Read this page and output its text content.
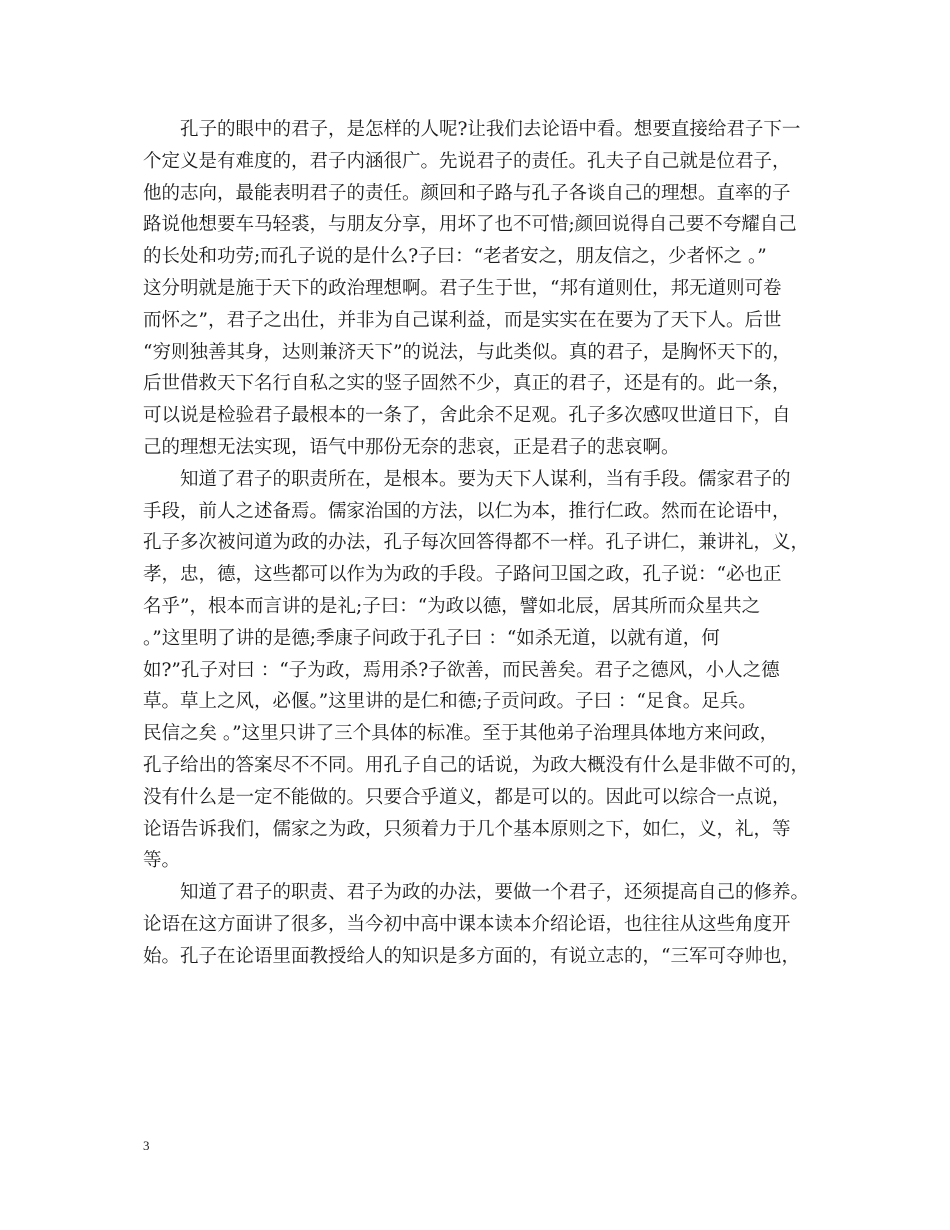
孔子的眼中的君子，是怎样的人呢?让我们去论语中看。想要直接给君子下一
个定义是有难度的，君子内涵很广。先说君子的责任。孔夫子自己就是位君子，
他的志向，最能表明君子的责任。颜回和子路与孔子各谈自己的理想。直率的子
路说他想要车马轻裘，与朋友分享，用坏了也不可惜;颜回说得自己要不夸耀自己
的长处和功劳;而孔子说的是什么?子曰：“老者安之，朋友信之，少者怀之 。”
这分明就是施于天下的政治理想啊。君子生于世，“邦有道则仕，邦无道则可卷
而怀之”，君子之出仕，并非为自己谋利益，而是实实在在要为了天下人。后世
“穷则独善其身，达则兼济天下”的说法，与此类似。真的君子，是胸怀天下的，
后世借救天下名行自私之实的竖子固然不少，真正的君子，还是有的。此一条，
可以说是检验君子最根本的一条了，舍此余不足观。孔子多次感叹世道日下，自
己的理想无法实现，语气中那份无奈的悲哀，正是君子的悲哀啊。
知道了君子的职责所在，是根本。要为天下人谋利，当有手段。儒家君子的
手段，前人之述备焉。儒家治国的方法，以仁为本，推行仁政。然而在论语中，
孔子多次被问道为政的办法，孔子每次回答得都不一样。孔子讲仁，兼讲礼，义，
孝，忠，德，这些都可以作为为政的手段。子路问卫国之政，孔子说：“必也正
名乎”，根本而言讲的是礼;子曰：“为政以德，譬如北辰，居其所而众星共之
。”这里明了讲的是德;季康子问政于孔子曰 ：“如杀无道，以就有道，何
如?”孔子对曰 ：“子为政，焉用杀?子欲善，而民善矣。君子之德风，小人之德
草。草上之风，必偃。”这里讲的是仁和德;子贡问政。子曰 ：“足食。足兵。
民信之矣 。”这里只讲了三个具体的标准。至于其他弟子治理具体地方来问政，
孔子给出的答案尽不不同。用孔子自己的话说，为政大概没有什么是非做不可的，
没有什么是一定不能做的。只要合乎道义，都是可以的。因此可以综合一点说，
论语告诉我们，儒家之为政，只须着力于几个基本原则之下，如仁，义，礼，等
等。
知道了君子的职责、君子为政的办法，要做一个君子，还须提高自己的修养。
论语在这方面讲了很多，当今初中高中课本读本介绍论语，也往往从这些角度开
始。孔子在论语里面教授给人的知识是多方面的，有说立志的，“三军可夺帅也，
3
